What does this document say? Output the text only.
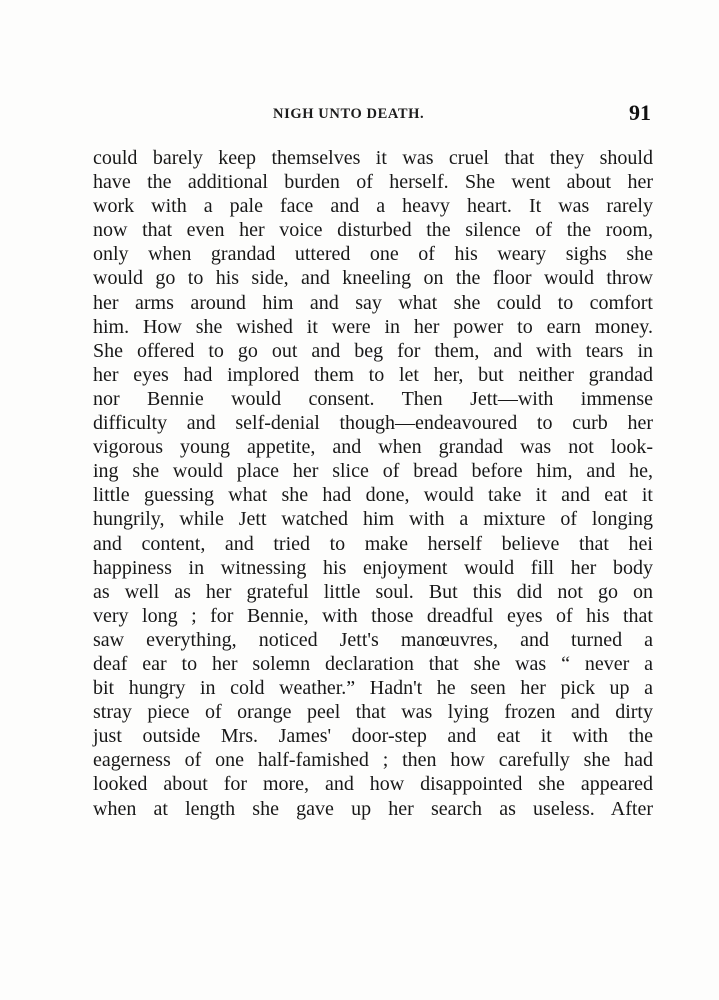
NIGH UNTO DEATH.	91
could barely keep themselves it was cruel that they should
have the additional burden of herself. She went about her
work with a pale face and a heavy heart. It was rarely
now that even her voice disturbed the silence of the room,
only when grandad uttered one of his weary sighs she
would go to his side, and kneeling on the floor would throw
her arms around him and say what she could to comfort
him. How she wished it were in her power to earn money.
She offered to go out and beg for them, and with tears in
her eyes had implored them to let her, but neither grandad
nor Bennie would consent. Then Jett—with immense
difficulty and self-denial though—endeavoured to curb her
vigorous young appetite, and when grandad was not look-
ing she would place her slice of bread before him, and he,
little guessing what she had done, would take it and eat it
hungrily, while Jett watched him with a mixture of longing
and content, and tried to make herself believe that hei
happiness in witnessing his enjoyment would fill her body
as well as her grateful little soul. But this did not go on
very long ; for Bennie, with those dreadful eyes of his that
saw everything, noticed Jett's manœuvres, and turned a
deaf ear to her solemn declaration that she was “ never a
bit hungry in cold weather.” Hadn't he seen her pick up a
stray piece of orange peel that was lying frozen and dirty
just outside Mrs. James' door-step and eat it with the
eagerness of one half-famished ; then how carefully she had
looked about for more, and how disappointed she appeared
when at length she gave up her search as useless. After
